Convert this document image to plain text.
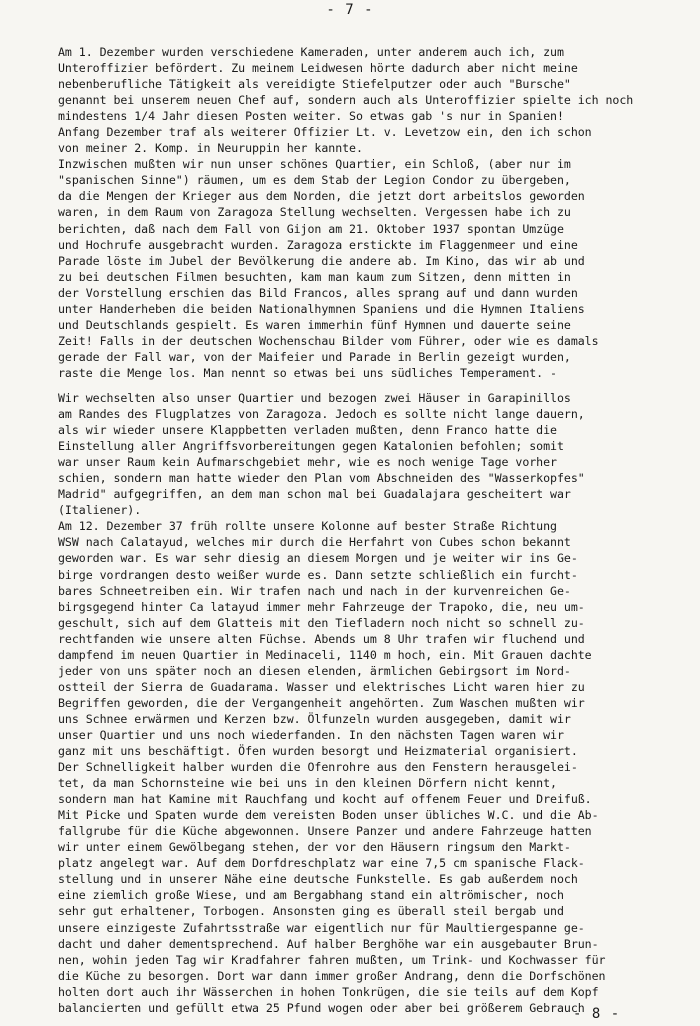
- 7 -
Am 1. Dezember wurden verschiedene Kameraden, unter anderem auch ich, zum
Unteroffizier befördert. Zu meinem Leidwesen hörte dadurch aber nicht meine
nebenberufliche Tätigkeit als vereidigte Stiefelputzer oder auch "Bursche"
genannt bei unserem neuen Chef auf, sondern auch als Unteroffizier spielte ich noch
mindestens 1/4 Jahr diesen Posten weiter. So etwas gab 's nur in Spanien!
Anfang Dezember traf als weiterer Offizier Lt. v. Levetzow ein, den ich schon
von meiner 2. Komp. in Neuruppin her kannte.
Inzwischen mußten wir nun unser schönes Quartier, ein Schloß, (aber nur im
"spanischen Sinne") räumen, um es dem Stab der Legion Condor zu übergeben,
da die Mengen der Krieger aus dem Norden, die jetzt dort arbeitslos geworden
waren, in dem Raum von Zaragoza Stellung wechselten. Vergessen habe ich zu
berichten, daß nach dem Fall von Gijon am 21. Oktober 1937 spontan Umzüge
und Hochrufe ausgebracht wurden. Zaragoza erstickte im Flaggenmeer und eine
Parade löste im Jubel der Bevölkerung die andere ab. Im Kino, das wir ab und
zu bei deutschen Filmen besuchten, kam man kaum zum Sitzen, denn mitten in
der Vorstellung erschien das Bild Francos, alles sprang auf und dann wurden
unter Handerheben die beiden Nationalhymnen Spaniens und die Hymnen Italiens
und Deutschlands gespielt. Es waren immerhin fünf Hymnen und dauerte seine
Zeit! Falls in der deutschen Wochenschau Bilder vom Führer, oder wie es damals
gerade der Fall war, von der Maifeier und Parade in Berlin gezeigt wurden,
raste die Menge los. Man nennt so etwas bei uns südliches Temperament. -
Wir wechselten also unser Quartier und bezogen zwei Häuser in Garapinillos
am Randes des Flugplatzes von Zaragoza. Jedoch es sollte nicht lange dauern,
als wir wieder unsere Klappbetten verladen mußten, denn Franco hatte die
Einstellung aller Angriffsvorbereitungen gegen Katalonien befohlen; somit
war unser Raum kein Aufmarschgebiet mehr, wie es noch wenige Tage vorher
schien, sondern man hatte wieder den Plan vom Abschneiden des "Wasserkopfes"
Madrid" aufgegriffen, an dem man schon mal bei Guadalajara gescheitert war
(Italiener).
Am 12. Dezember 37 früh rollte unsere Kolonne auf bester Straße Richtung
WSW nach Calatayud, welches mir durch die Herfahrt von Cubes schon bekannt
geworden war. Es war sehr diesig an diesem Morgen und je weiter wir ins Ge-
birge vordrangen desto weißer wurde es. Dann setzte schließlich ein furcht-
bares Schneetreiben ein. Wir trafen nach und nach in der kurvenreichen Ge-
birgsgegend hinter Ca latayud immer mehr Fahrzeuge der Trapoko, die, neu um-
geschult, sich auf dem Glatteis mit den Tiefladern noch nicht so schnell zu-
rechtfanden wie unsere alten Füchse. Abends um 8 Uhr trafen wir fluchend und
dampfend im neuen Quartier in Medinaceli, 1140 m hoch, ein. Mit Grauen dachte
jeder von uns später noch an diesen elenden, ärmlichen Gebirgsort im Nord-
ostteil der Sierra de Guadarama. Wasser und elektrisches Licht waren hier zu
Begriffen geworden, die der Vergangenheit angehörten. Zum Waschen mußten wir
uns Schnee erwärmen und Kerzen bzw. Ölfunzeln wurden ausgegeben, damit wir
unser Quartier und uns noch wiederfanden. In den nächsten Tagen waren wir
ganz mit uns beschäftigt. Öfen wurden besorgt und Heizmaterial organisiert.
Der Schnelligkeit halber wurden die Ofenrohre aus den Fenstern herausgelei-
tet, da man Schornsteine wie bei uns in den kleinen Dörfern nicht kennt,
sondern man hat Kamine mit Rauchfang und kocht auf offenem Feuer und Dreifuß.
Mit Picke und Spaten wurde dem vereisten Boden unser übliches W.C. und die Ab-
fallgrube für die Küche abgewonnen. Unsere Panzer und andere Fahrzeuge hatten
wir unter einem Gewölbegang stehen, der vor den Häusern ringsum den Markt-
platz angelegt war. Auf dem Dorfdreschplatz war eine 7,5 cm spanische Flack-
stellung und in unserer Nähe eine deutsche Funkstelle. Es gab außerdem noch
eine ziemlich große Wiese, und am Bergabhang stand ein altrömischer, noch
sehr gut erhaltener, Torbogen. Ansonsten ging es überall steil bergab und
unsere einzigeste Zufahrtsstraße war eigentlich nur für Maultiergespanne ge-
dacht und daher dementsprechend. Auf halber Berghöhe war ein ausgebauter Brun-
nen, wohin jeden Tag wir Kradfahrer fahren mußten, um Trink- und Kochwasser für
die Küche zu besorgen. Dort war dann immer großer Andrang, denn die Dorfschönen
holten dort auch ihr Wässerchen in hohen Tonkrügen, die sie teils auf dem Kopf
balancierten und gefüllt etwa 25 Pfund wogen oder aber bei größerem Gebrauch
- 8 -
